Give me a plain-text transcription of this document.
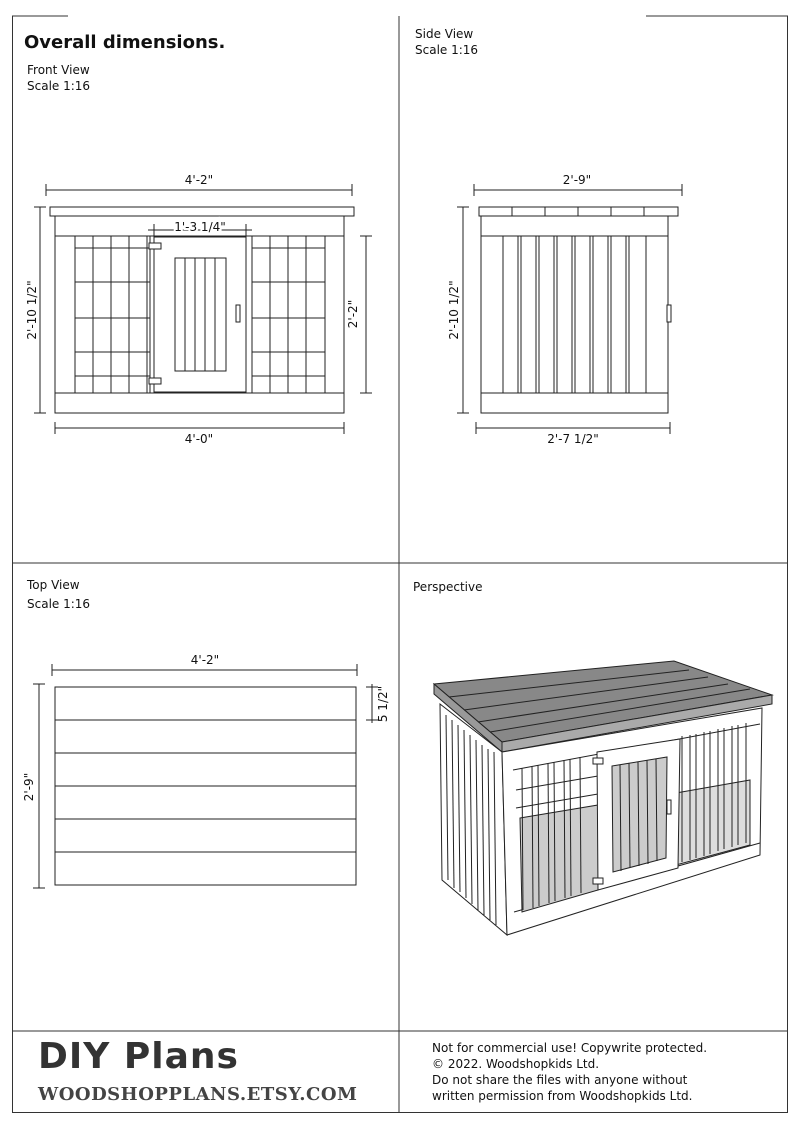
Overall dimensions.
Front View
Scale 1:16
Side View
Scale 1:16
Top View
Scale 1:16
Perspective
4'-2"
1'-3 1/4"
2'-10 1/2"	2'-2"
4'-0"
2'-9"
2'-10 1/2"
2'-7 1/2"
4'-2"
2'-9"
5 1/2"
DIY Plans
WOODSHOPPLANS.ETSY.COM
Not for commercial use! Copywrite protected.
© 2022. Woodshopkids Ltd.
Do not share the files with anyone without
written permission from Woodshopkids Ltd.
